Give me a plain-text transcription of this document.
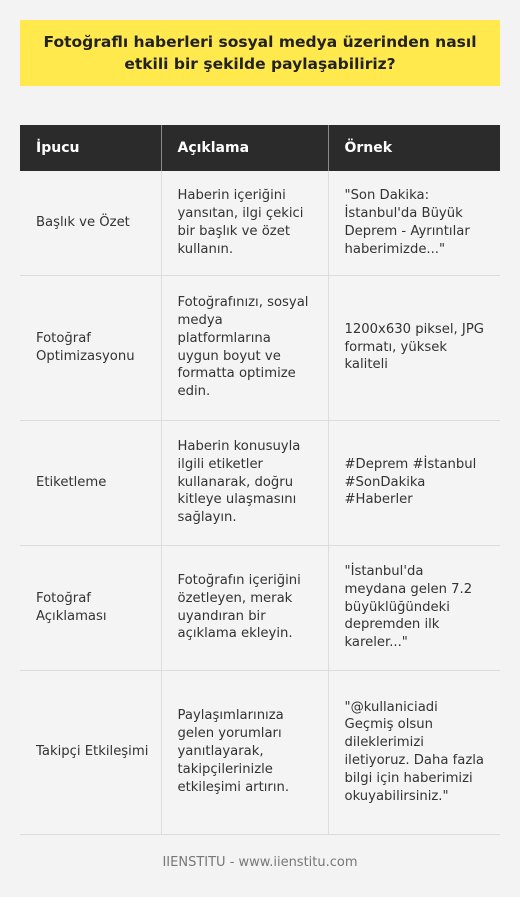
Fotoğraflı haberleri sosyal medya üzerinden nasıl etkili bir şekilde paylaşabiliriz?
İpucu	Açıklama	Örnek
Başlık ve Özet	Haberin içeriğini yansıtan, ilgi çekici bir başlık ve özet kullanın.	"Son Dakika: İstanbul'da Büyük Deprem - Ayrıntılar haberimizde..."
Fotoğraf Optimizasyonu	Fotoğrafınızı, sosyal medya platformlarına uygun boyut ve formatta optimize edin.	1200x630 piksel, JPG formatı, yüksek kaliteli
Etiketleme	Haberin konusuyla ilgili etiketler kullanarak, doğru kitleye ulaşmasını sağlayın.	#Deprem #İstanbul #SonDakika #Haberler
Fotoğraf Açıklaması	Fotoğrafın içeriğini özetleyen, merak uyandıran bir açıklama ekleyin.	"İstanbul'da meydana gelen 7.2 büyüklüğündeki depremden ilk kareler..."
Takipçi Etkileşimi	Paylaşımlarınıza gelen yorumları yanıtlayarak, takipçilerinizle etkileşimi artırın.	"@kullaniciadi Geçmiş olsun dileklerimizi iletiyoruz. Daha fazla bilgi için haberimizi okuyabilirsiniz."
IIENSTITU - www.iienstitu.com
